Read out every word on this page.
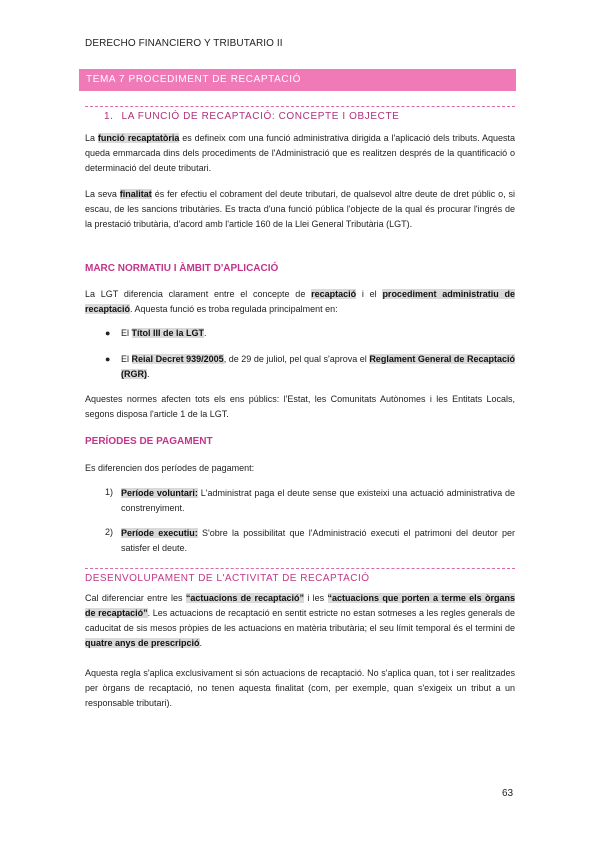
DERECHO FINANCIERO Y TRIBUTARIO II
TEMA 7 PROCEDIMENT DE RECAPTACIÓ
1. LA FUNCIÓ DE RECAPTACIÓ: CONCEPTE I OBJECTE
La funció recaptatòria es defineix com una funció administrativa dirigida a l'aplicació dels tributs. Aquesta queda emmarcada dins dels procediments de l'Administració que es realitzen després de la quantificació o determinació del deute tributari.
La seva finalitat és fer efectiu el cobrament del deute tributari, de qualsevol altre deute de dret públic o, si escau, de les sancions tributàries. Es tracta d'una funció pública l'objecte de la qual és procurar l'ingrés de la prestació tributària, d'acord amb l'article 160 de la Llei General Tributària (LGT).
MARC NORMATIU I ÀMBIT D'APLICACIÓ
La LGT diferencia clarament entre el concepte de recaptació i el procediment administratiu de recaptació. Aquesta funció es troba regulada principalment en:
● El Títol III de la LGT.
● El Reial Decret 939/2005, de 29 de juliol, pel qual s'aprova el Reglament General de Recaptació (RGR).
Aquestes normes afecten tots els ens públics: l'Estat, les Comunitats Autònomes i les Entitats Locals, segons disposa l'article 1 de la LGT.
PERÍODES DE PAGAMENT
Es diferencien dos períodes de pagament:
1) Període voluntari: L'administrat paga el deute sense que existeixi una actuació administrativa de constrenyiment.
2) Període executiu: S'obre la possibilitat que l'Administració executi el patrimoni del deutor per satisfer el deute.
DESENVOLUPAMENT DE L'ACTIVITAT DE RECAPTACIÓ
Cal diferenciar entre les “actuacions de recaptació” i les “actuacions que porten a terme els òrgans de recaptació”. Les actuacions de recaptació en sentit estricte no estan sotmeses a les regles generals de caducitat de sis mesos pròpies de les actuacions en matèria tributària; el seu límit temporal és el termini de quatre anys de prescripció.
Aquesta regla s'aplica exclusivament si són actuacions de recaptació. No s'aplica quan, tot i ser realitzades per òrgans de recaptació, no tenen aquesta finalitat (com, per exemple, quan s'exigeix un tribut a un responsable tributari).
63
